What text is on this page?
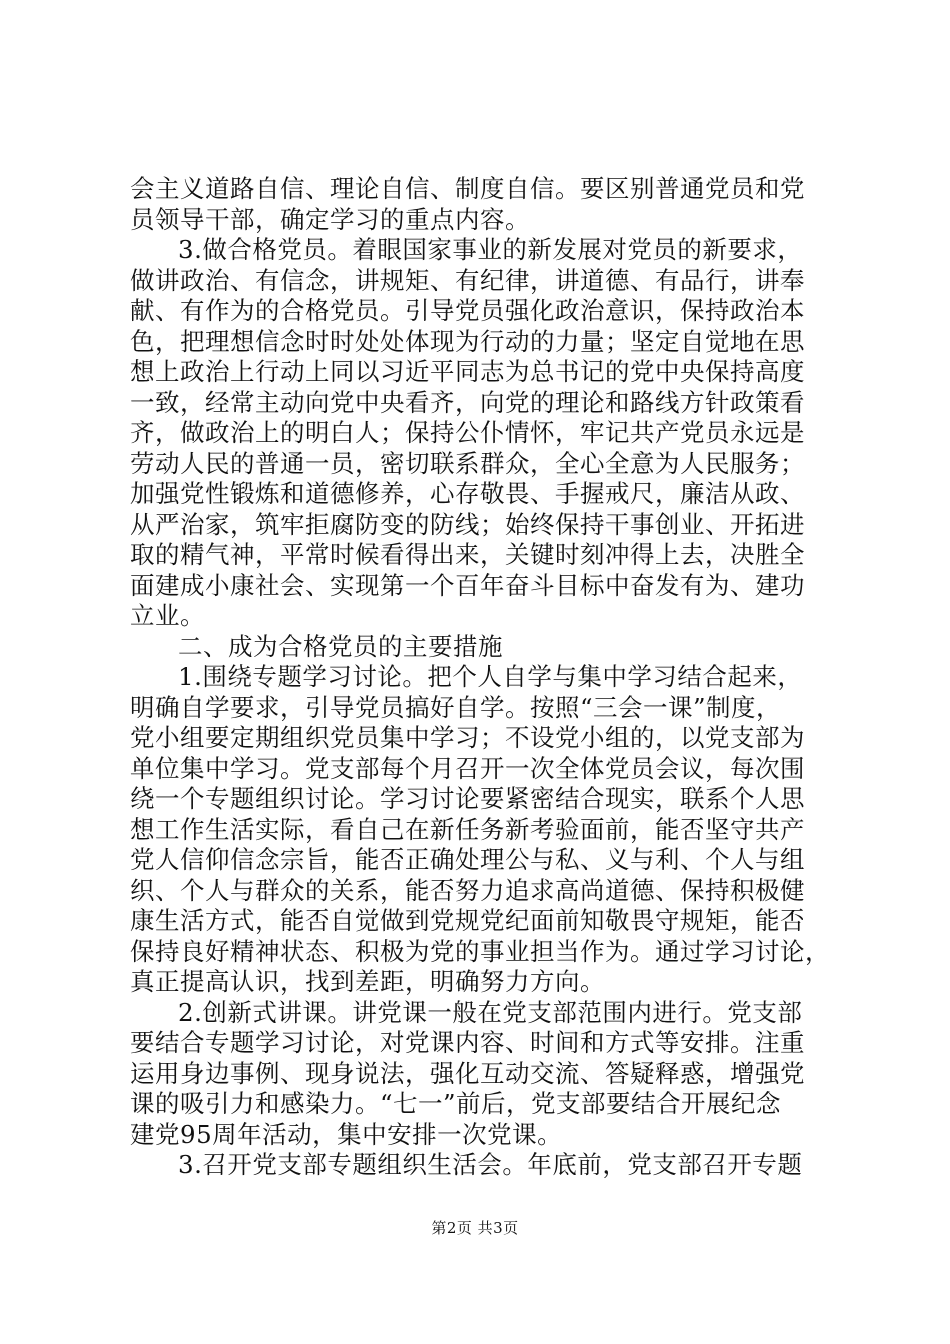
会主义道路自信、理论自信、制度自信。要区别普通党员和党
员领导干部，确定学习的重点内容。
3.做合格党员。着眼国家事业的新发展对党员的新要求，
做讲政治、有信念，讲规矩、有纪律，讲道德、有品行，讲奉
献、有作为的合格党员。引导党员强化政治意识，保持政治本
色，把理想信念时时处处体现为行动的力量；坚定自觉地在思
想上政治上行动上同以习近平同志为总书记的党中央保持高度
一致，经常主动向党中央看齐，向党的理论和路线方针政策看
齐，做政治上的明白人；保持公仆情怀，牢记共产党员永远是
劳动人民的普通一员，密切联系群众，全心全意为人民服务；
加强党性锻炼和道德修养，心存敬畏、手握戒尺，廉洁从政、
从严治家，筑牢拒腐防变的防线；始终保持干事创业、开拓进
取的精气神，平常时候看得出来，关键时刻冲得上去，决胜全
面建成小康社会、实现第一个百年奋斗目标中奋发有为、建功
立业。
二、成为合格党员的主要措施
1.围绕专题学习讨论。把个人自学与集中学习结合起来，
明确自学要求，引导党员搞好自学。按照“三会一课”制度，
党小组要定期组织党员集中学习；不设党小组的，以党支部为
单位集中学习。党支部每个月召开一次全体党员会议，每次围
绕一个专题组织讨论。学习讨论要紧密结合现实，联系个人思
想工作生活实际，看自己在新任务新考验面前，能否坚守共产
党人信仰信念宗旨，能否正确处理公与私、义与利、个人与组
织、个人与群众的关系，能否努力追求高尚道德、保持积极健
康生活方式，能否自觉做到党规党纪面前知敬畏守规矩，能否
保持良好精神状态、积极为党的事业担当作为。通过学习讨论，
真正提高认识，找到差距，明确努力方向。
2.创新式讲课。讲党课一般在党支部范围内进行。党支部
要结合专题学习讨论，对党课内容、时间和方式等安排。注重
运用身边事例、现身说法，强化互动交流、答疑释惑，增强党
课的吸引力和感染力。“七一”前后，党支部要结合开展纪念
建党95周年活动，集中安排一次党课。
3.召开党支部专题组织生活会。年底前，党支部召开专题
第2页 共3页
